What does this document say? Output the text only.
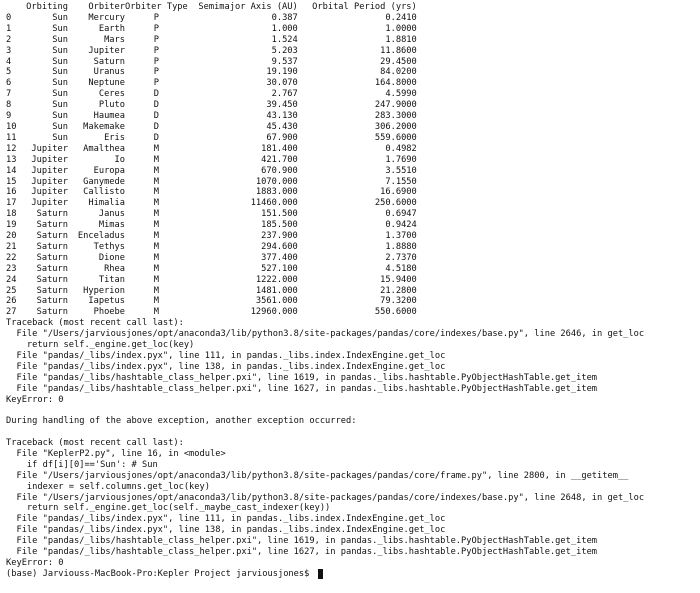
	Orbiting	Orbiter	Orbiter Type	Semimajor Axis (AU)	Orbital Period (yrs)
0	Sun	Mercury	P	0.387	0.2410
1	Sun	Earth	P	1.000	1.0000
2	Sun	Mars	P	1.524	1.8810
3	Sun	Jupiter	P	5.203	11.8600
4	Sun	Saturn	P	9.537	29.4500
5	Sun	Uranus	P	19.190	84.0200
6	Sun	Neptune	P	30.070	164.8000
7	Sun	Ceres	D	2.767	4.5990
8	Sun	Pluto	D	39.450	247.9000
9	Sun	Haumea	D	43.130	283.3000
10	Sun	Makemake	D	45.430	306.2000
11	Sun	Eris	D	67.900	559.6000
12	Jupiter	Amalthea	M	181.400	0.4982
13	Jupiter	Io	M	421.700	1.7690
14	Jupiter	Europa	M	670.900	3.5510
15	Jupiter	Ganymede	M	1070.000	7.1550
16	Jupiter	Callisto	M	1883.000	16.6900
17	Jupiter	Himalia	M	11460.000	250.6000
18	Saturn	Janus	M	151.500	0.6947
19	Saturn	Mimas	M	185.500	0.9424
20	Saturn	Enceladus	M	237.900	1.3700
21	Saturn	Tethys	M	294.600	1.8880
22	Saturn	Dione	M	377.400	2.7370
23	Saturn	Rhea	M	527.100	4.5180
24	Saturn	Titan	M	1222.000	15.9400
25	Saturn	Hyperion	M	1481.000	21.2800
26	Saturn	Iapetus	M	3561.000	79.3200
27	Saturn	Phoebe	M	12960.000	550.6000
Traceback (most recent call last):
File "/Users/jarviousjones/opt/anaconda3/lib/python3.8/site-packages/pandas/core/indexes/base.py", line 2646, in get_loc
return self._engine.get_loc(key)
File "pandas/_libs/index.pyx", line 111, in pandas._libs.index.IndexEngine.get_loc
File "pandas/_libs/index.pyx", line 138, in pandas._libs.index.IndexEngine.get_loc
File "pandas/_libs/hashtable_class_helper.pxi", line 1619, in pandas._libs.hashtable.PyObjectHashTable.get_item
File "pandas/_libs/hashtable_class_helper.pxi", line 1627, in pandas._libs.hashtable.PyObjectHashTable.get_item
KeyError: 0
During handling of the above exception, another exception occurred:
Traceback (most recent call last):
File "KeplerP2.py", line 16, in <module>
if df[i][0]=='Sun': # Sun
File "/Users/jarviousjones/opt/anaconda3/lib/python3.8/site-packages/pandas/core/frame.py", line 2800, in __getitem__
indexer = self.columns.get_loc(key)
File "/Users/jarviousjones/opt/anaconda3/lib/python3.8/site-packages/pandas/core/indexes/base.py", line 2648, in get_loc
return self._engine.get_loc(self._maybe_cast_indexer(key))
File "pandas/_libs/index.pyx", line 111, in pandas._libs.index.IndexEngine.get_loc
File "pandas/_libs/index.pyx", line 138, in pandas._libs.index.IndexEngine.get_loc
File "pandas/_libs/hashtable_class_helper.pxi", line 1619, in pandas._libs.hashtable.PyObjectHashTable.get_item
File "pandas/_libs/hashtable_class_helper.pxi", line 1627, in pandas._libs.hashtable.PyObjectHashTable.get_item
KeyError: 0
(base) Jarviouss-MacBook-Pro:Kepler Project jarviousjones$
